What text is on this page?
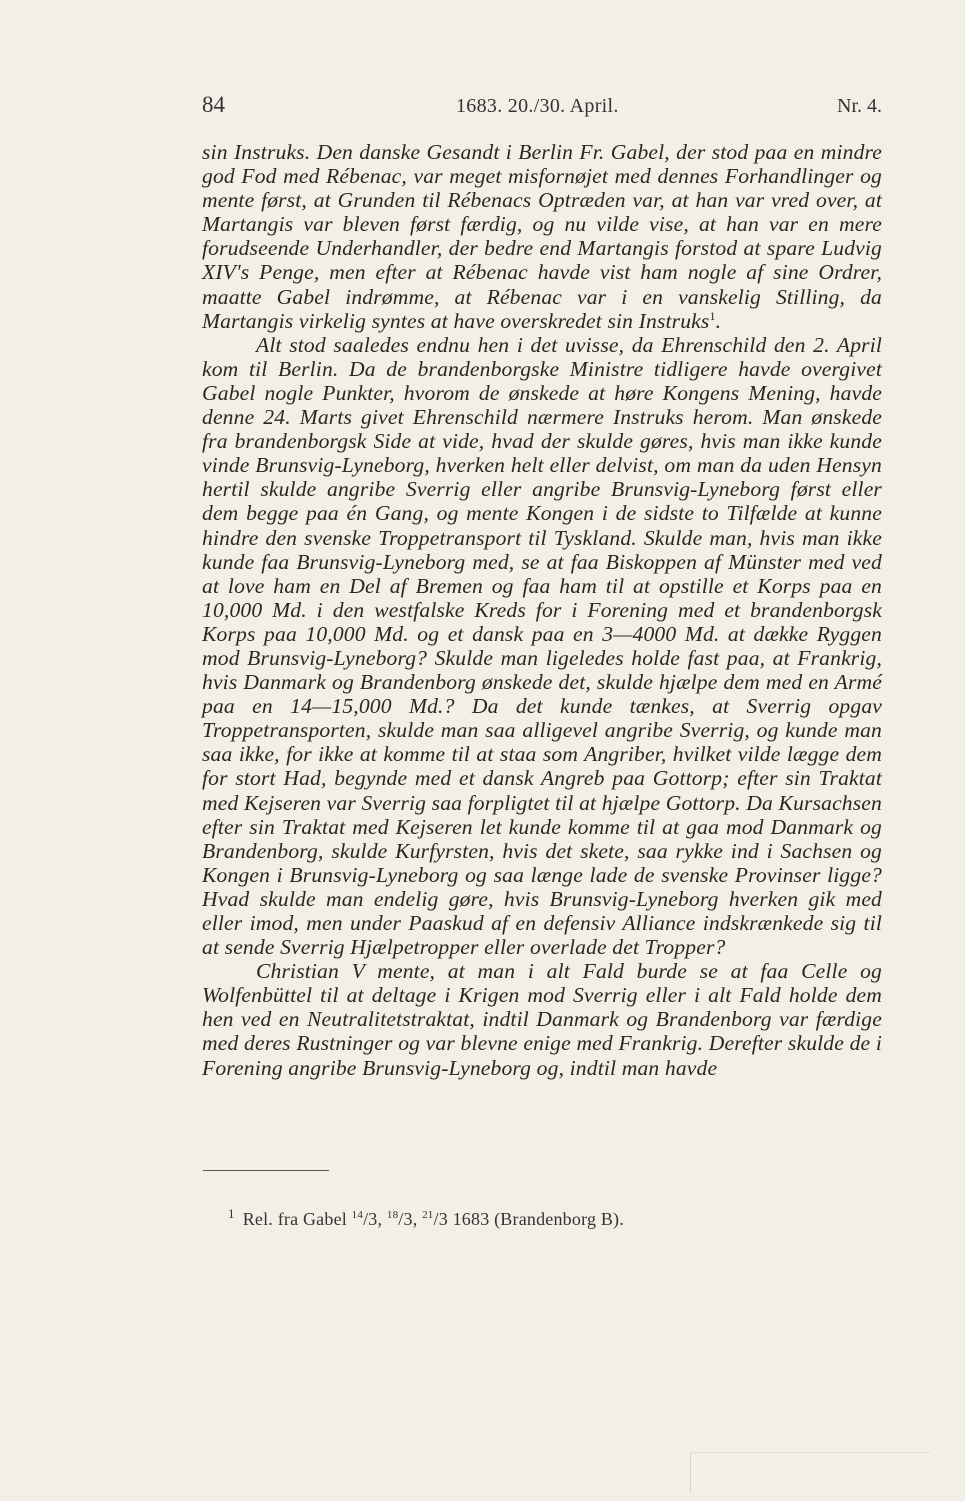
84	1683. 20./30. April.	Nr. 4.

sin Instruks. Den danske Gesandt i Berlin Fr. Gabel, der stod paa en mindre god Fod med Rébenac, var meget misfornøjet med dennes Forhandlinger og mente først, at Grunden til Rébenacs Optræden var, at han var vred over, at Martangis var bleven først færdig, og nu vilde vise, at han var en mere forudseende Underhandler, der bedre end Martangis forstod at spare Ludvig XIV's Penge, men efter at Rébenac havde vist ham nogle af sine Ordrer, maatte Gabel indrømme, at Rébenac var i en vanskelig Stilling, da Martangis virkelig syntes at have overskredet sin Instruks$^1$.

Alt stod saaledes endnu hen i det uvisse, da Ehrenschild den 2. April kom til Berlin. Da de brandenborgske Ministre tidligere havde overgivet Gabel nogle Punkter, hvorom de ønskede at høre Kongens Mening, havde denne 24. Marts givet Ehrenschild nærmere Instruks herom. Man ønskede fra brandenborgsk Side at vide, hvad der skulde gøres, hvis man ikke kunde vinde Brunsvig-Lyneborg, hverken helt eller delvist, om man da uden Hensyn hertil skulde angribe Sverrig eller angribe Brunsvig-Lyneborg først eller dem begge paa én Gang, og mente Kongen i de sidste to Tilfælde at kunne hindre den svenske Troppetransport til Tyskland. Skulde man, hvis man ikke kunde faa Brunsvig-Lyneborg med, se at faa Biskoppen af Münster med ved at love ham en Del af Bremen og faa ham til at opstille et Korps paa en 10,000 Md. i den westfalske Kreds for i Forening med et brandenborgsk Korps paa 10,000 Md. og et dansk paa en 3—4000 Md. at dække Ryggen mod Brunsvig-Lyneborg? Skulde man ligeledes holde fast paa, at Frankrig, hvis Danmark og Brandenborg ønskede det, skulde hjælpe dem med en Armé paa en 14—15,000 Md.? Da det kunde tænkes, at Sverrig opgav Troppetransporten, skulde man saa alligevel angribe Sverrig, og kunde man saa ikke, for ikke at komme til at staa som Angriber, hvilket vilde lægge dem for stort Had, begynde med et dansk Angreb paa Gottorp; efter sin Traktat med Kejseren var Sverrig saa forpligtet til at hjælpe Gottorp. Da Kursachsen efter sin Traktat med Kejseren let kunde komme til at gaa mod Danmark og Brandenborg, skulde Kurfyrsten, hvis det skete, saa rykke ind i Sachsen og Kongen i Brunsvig-Lyneborg og saa længe lade de svenske Provinser ligge? Hvad skulde man endelig gøre, hvis Brunsvig-Lyneborg hverken gik med eller imod, men under Paaskud af en defensiv Alliance indskrænkede sig til at sende Sverrig Hjælpetropper eller overlade det Tropper?

Christian V mente, at man i alt Fald burde se at faa Celle og Wolfenbüttel til at deltage i Krigen mod Sverrig eller i alt Fald holde dem hen ved en Neutralitetstraktat, indtil Danmark og Brandenborg var færdige med deres Rustninger og var blevne enige med Frankrig. Derefter skulde de i Forening angribe Brunsvig-Lyneborg og, indtil man havde

$^1$ Rel. fra Gabel $^{14}$/3, $^{18}$/3, $^{21}$/3 1683 (Brandenborg B).
